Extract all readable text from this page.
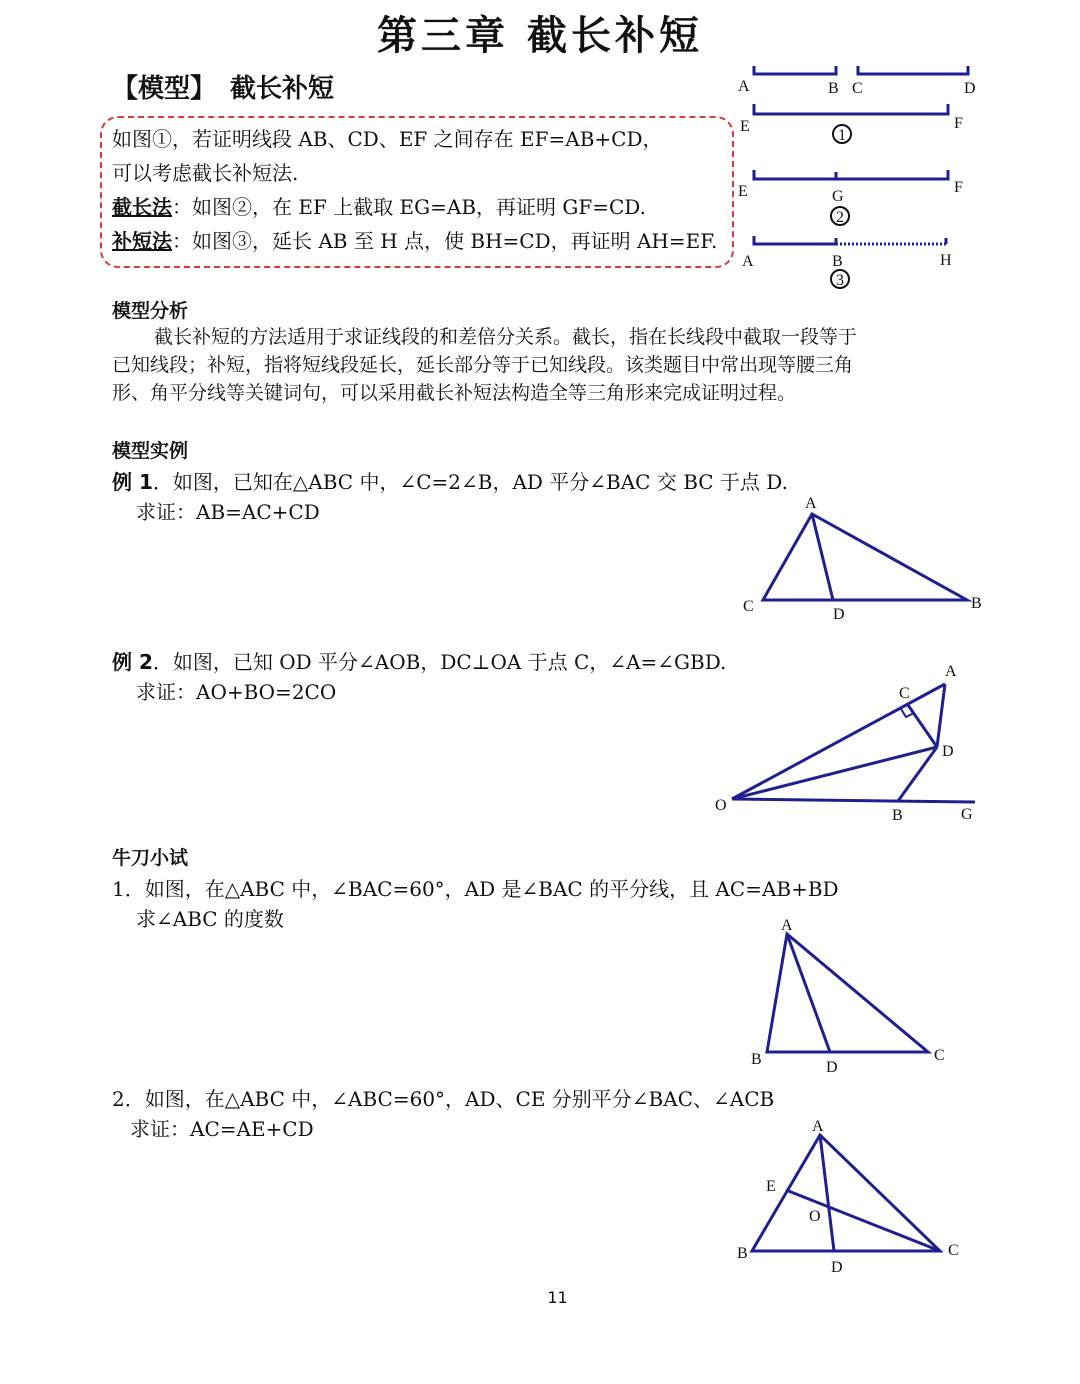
第三章 截长补短
【模型】 截长补短
如图①，若证明线段 AB、CD、EF 之间存在 EF=AB+CD，
可以考虑截长补短法.
截长法：如图②，在 EF 上截取 EG=AB，再证明 GF=CD.
补短法：如图③，延长 AB 至 H 点，使 BH=CD，再证明 AH=EF.
A	B C	D
E	F
1
E	G
F
2
A	B	H
3
模型分析
截长补短的方法适用于求证线段的和差倍分关系。截长，指在长线段中截取一段等于
已知线段；补短，指将短线段延长，延长部分等于已知线段。该类题目中常出现等腰三角
形、角平分线等关键词句，可以采用截长补短法构造全等三角形来完成证明过程。
模型实例
例 1．如图，已知在△ABC 中，∠C=2∠B，AD 平分∠BAC 交 BC 于点 D.
求证：AB=AC+CD	A
C	D
B
例 2．如图，已知 OD 平分∠AOB，DC⊥OA 于点 C，∠A=∠GBD.
求证：AO+BO=2CO
A
C
D
O
B	G
牛刀小试
1．如图，在△ABC 中，∠BAC=60°，AD 是∠BAC 的平分线，且 AC=AB+BD
求∠ABC 的度数	A
B	D
C
2．如图，在△ABC 中，∠ABC=60°，AD、CE 分别平分∠BAC、∠ACB
求证：AC=AE+CD	A
E
O
B
D
C
11
